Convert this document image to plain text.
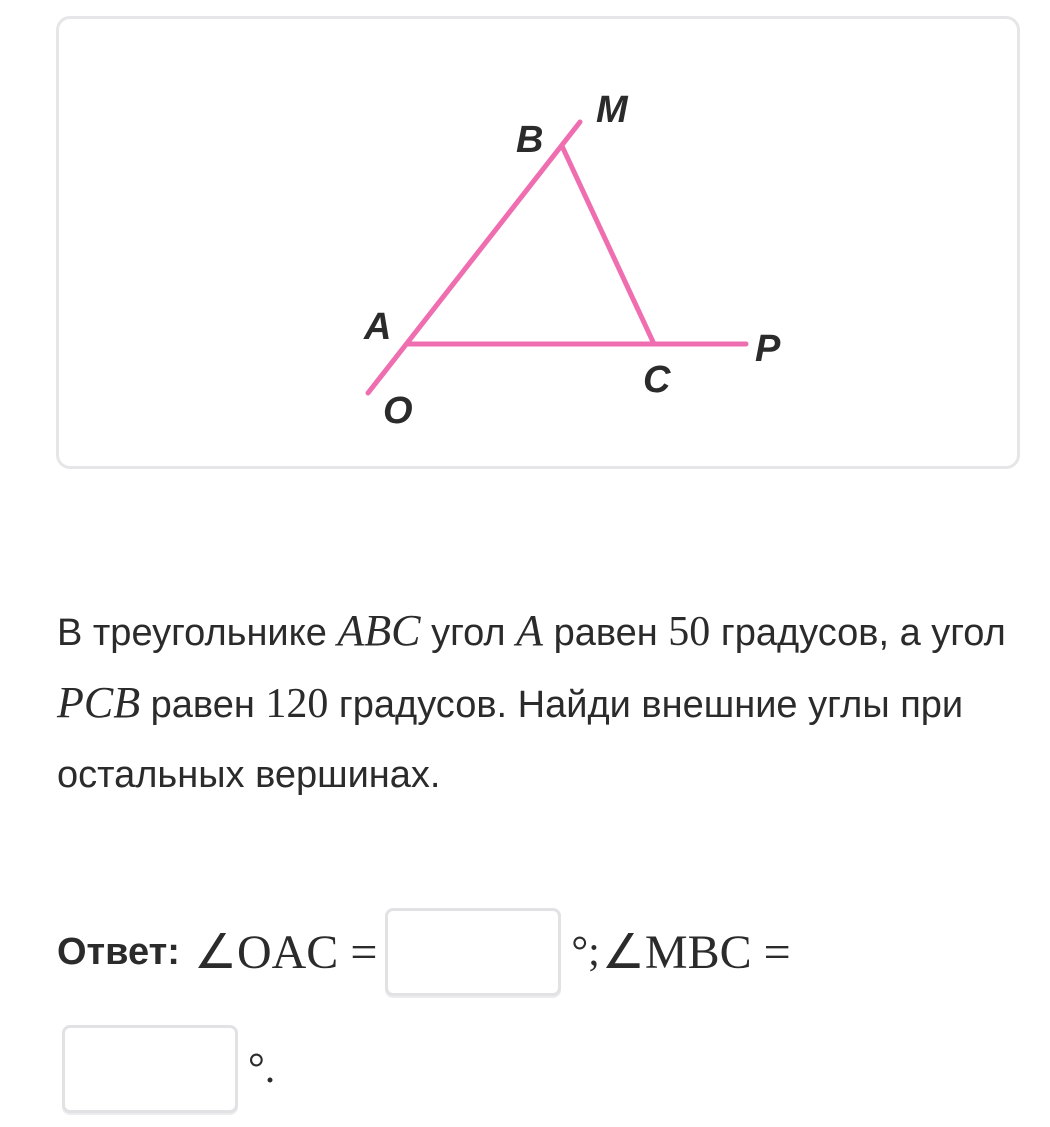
B
M
A
P
C
O

В треугольнике ABC угол A равен 50 градусов, а угол PCB равен 120 градусов. Найди внешние углы при остальных вершинах.

Ответ: ∠OAC =	°; ∠MBC =
°.
